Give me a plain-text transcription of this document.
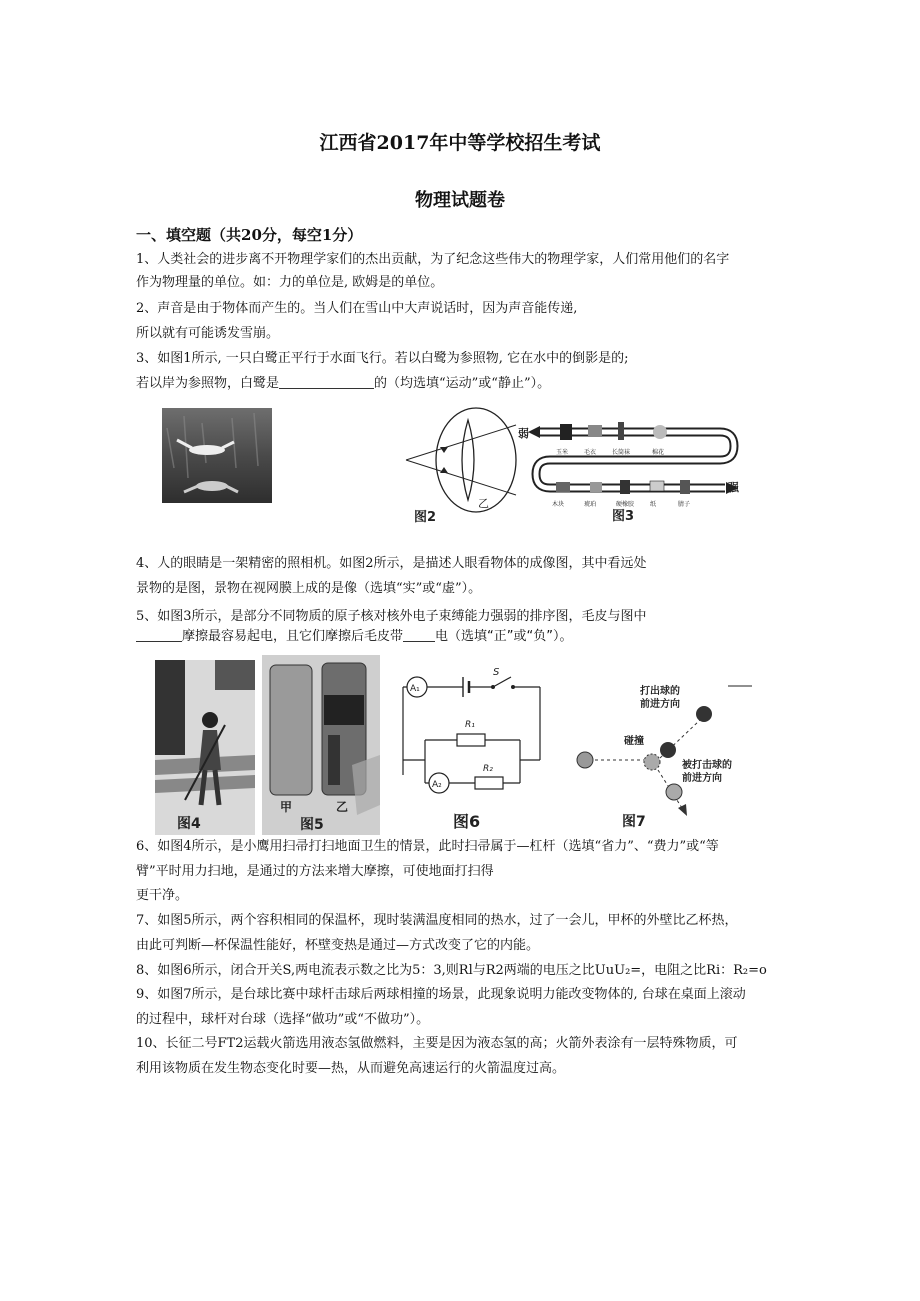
江西省2017年中等学校招生考试
物理试题卷
一、填空题（共20分，每空1分）
1、人类社会的进步离不开物理学家们的杰出贡献，为了纪念这些伟大的物理学家，人们常用他们的名字
作为物理量的单位。如：力的单位是, 欧姆是的单位。
2、声音是由于物体而产生的。当人们在雪山中大声说话时，因为声音能传递,
所以就有可能诱发雪崩。
3、如图1所示, 一只白鹭正平行于水面飞行。若以白鹭为参照物, 它在水中的倒影是的;
若以岸为参照物，白鹭是	的（均选填“运动”或“静止”）。
乙
图2
弱
强
玉米	毛衣	长筒袜	棉花
木块	琥珀	硬橡胶	纸	腈子
图3
4、人的眼睛是一架精密的照相机。如图2所示，是描述人眼看物体的成像图，其中看远处
景物的是图，景物在视网膜上成的是像（选填“实”或“虚”）。
5、如图3所示，是部分不同物质的原子核对核外电子束缚能力强弱的排序图，毛皮与图中
摩擦最容易起电，且它们摩擦后毛皮带 电（选填“正”或“负”）。
图4
甲	乙
图5
A₁
S
R₁
A₂
R₂
图6
打出球的
前进方向
碰撞
被打击球的
前进方向
图7
6、如图4所示，是小鹰用扫帚打扫地面卫生的情景，此时扫帚属于—杠杆（选填“省力”、“费力”或“等
臂”平时用力扫地，是通过的方法来增大摩擦，可使地面打扫得
更干净。
7、如图5所示，两个容积相同的保温杯，现时装满温度相同的热水，过了一会儿，甲杯的外壁比乙杯热，
由此可判断—杯保温性能好，杯壁变热是通过—方式改变了它的内能。
8、如图6所示，闭合开关S,两电流表示数之比为5：3,则Rl与R2两端的电压之比UuU₂=，电阻之比Ri：R₂=o
9、如图7所示，是台球比赛中球杆击球后两球相撞的场景，此现象说明力能改变物体的, 台球在桌面上滚动
的过程中，球杆对台球（选择“做功”或“不做功”）。
10、长征二号FT2运载火箭选用液态氢做燃料，主要是因为液态氢的高；火箭外表涂有一层特殊物质，可
利用该物质在发生物态变化时要—热，从而避免高速运行的火箭温度过高。
